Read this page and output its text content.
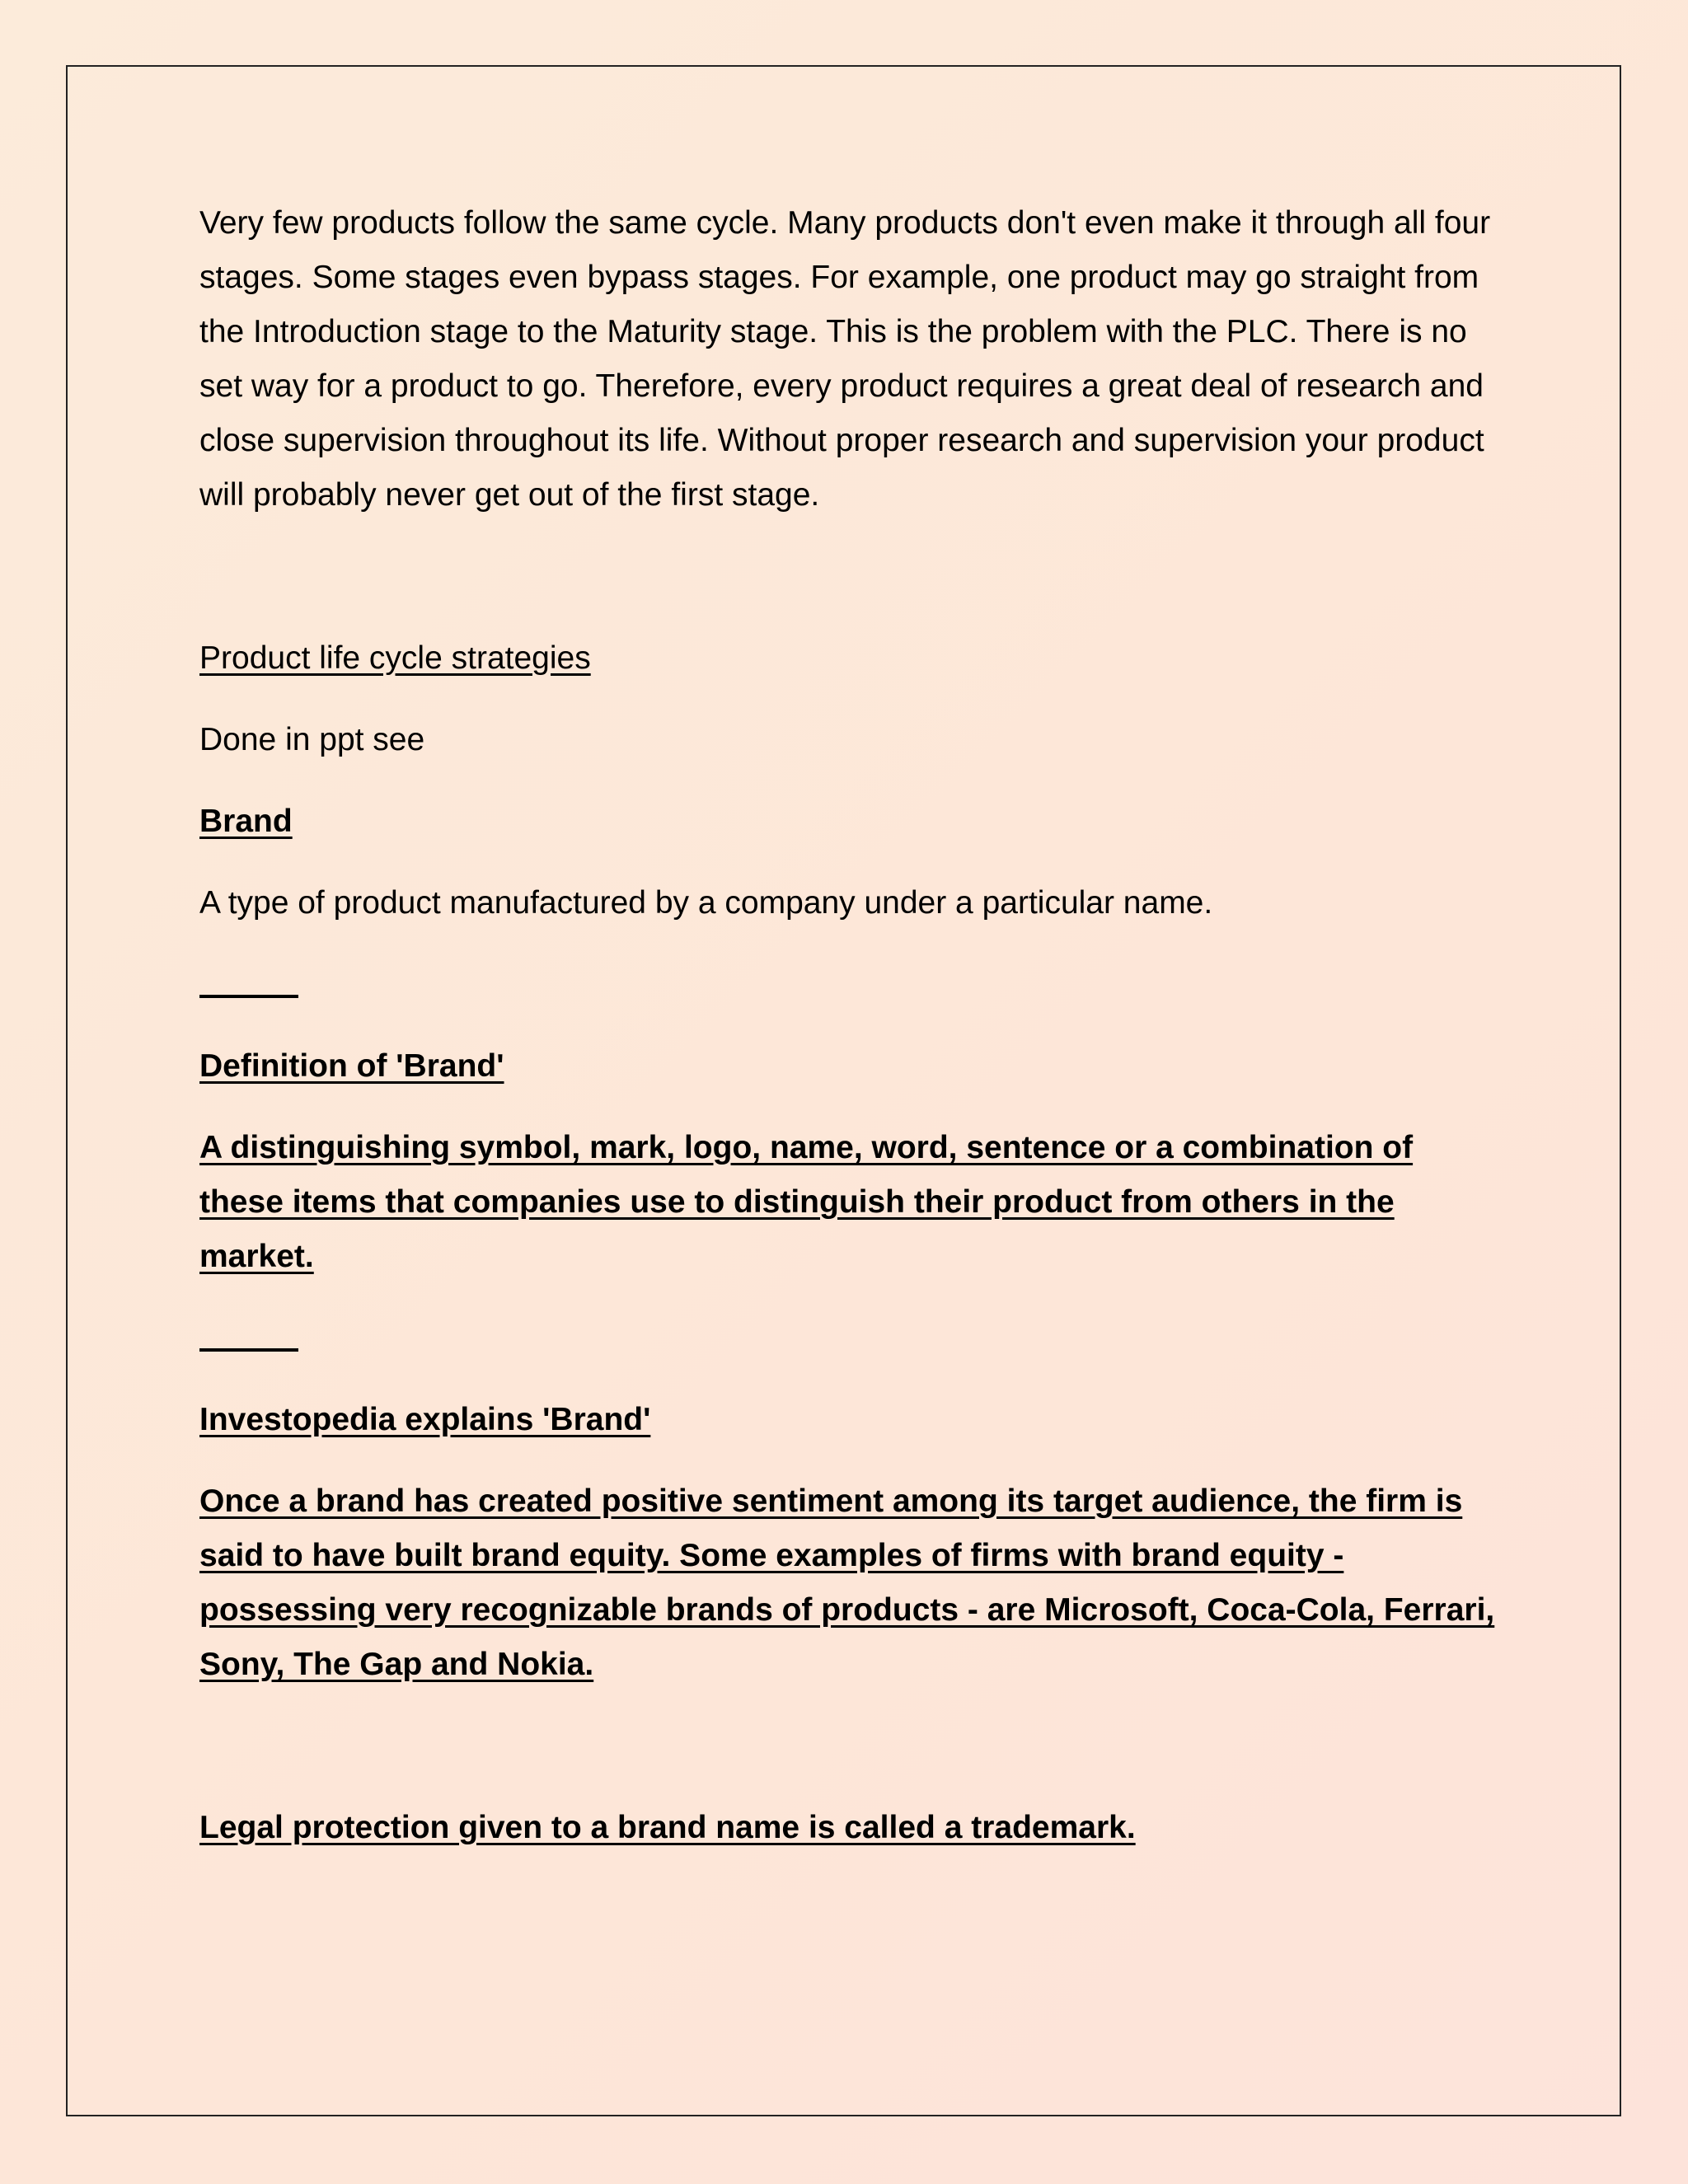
Very few products follow the same cycle. Many products don't even make it through all four stages. Some stages even bypass stages. For example, one product may go straight from the Introduction stage to the Maturity stage. This is the problem with the PLC. There is no set way for a product to go. Therefore, every product requires a great deal of research and close supervision throughout its life. Without proper research and supervision your product will probably never get out of the first stage.

Product life cycle strategies

Done in ppt see

Brand

A type of product manufactured by a company under a particular name.

Definition of 'Brand'

A distinguishing symbol, mark, logo, name, word, sentence or a combination of these items that companies use to distinguish their product from others in the market.

Investopedia explains 'Brand'

Once a brand has created positive sentiment among its target audience, the firm is said to have built brand equity. Some examples of firms with brand equity - possessing very recognizable brands of products - are Microsoft, Coca-Cola, Ferrari, Sony, The Gap and Nokia.

Legal protection given to a brand name is called a trademark.
